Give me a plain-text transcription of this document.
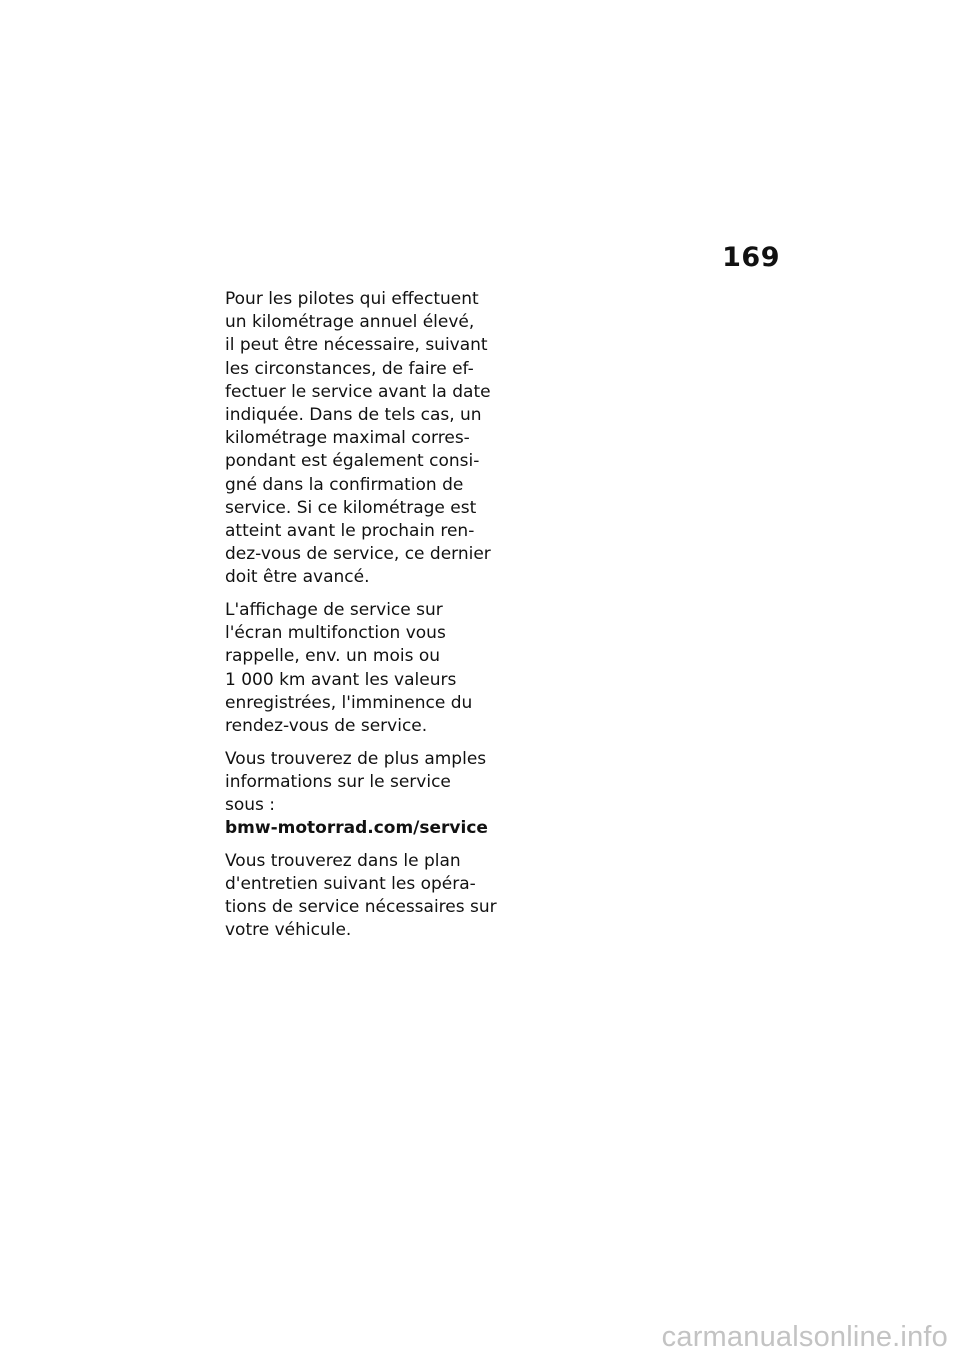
169
Pour les pilotes qui effectuent
un kilométrage annuel élevé,
il peut être nécessaire, suivant
les circonstances, de faire ef-
fectuer le service avant la date
indiquée. Dans de tels cas, un
kilométrage maximal corres-
pondant est également consi-
gné dans la confirmation de
service. Si ce kilométrage est
atteint avant le prochain ren-
dez-vous de service, ce dernier
doit être avancé.
L'affichage de service sur
l'écran multifonction vous
rappelle, env. un mois ou
1 000 km avant les valeurs
enregistrées, l'imminence du
rendez-vous de service.
Vous trouverez de plus amples
informations sur le service
sous :
bmw-motorrad.com/service
Vous trouverez dans le plan
d'entretien suivant les opéra-
tions de service nécessaires sur
votre véhicule.
carmanualsonline.info
